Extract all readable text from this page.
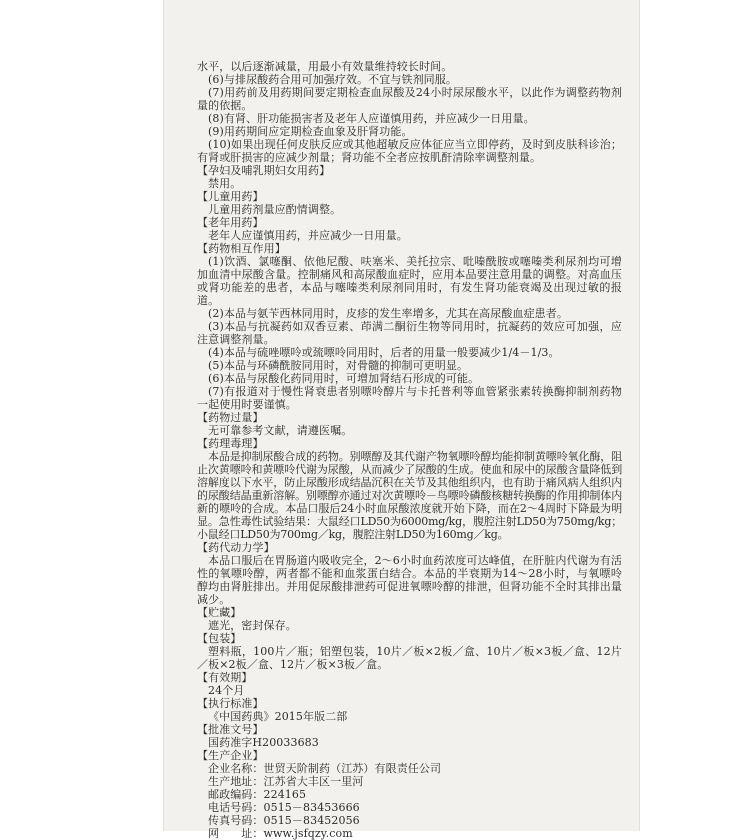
水平，以后逐渐减量，用最小有效量维持较长时间。

(6)与排尿酸药合用可加强疗效。不宜与铁剂同服。

(7)用药前及用药期间要定期检查血尿酸及24小时尿尿酸水平，以此作为调整药物剂量的依据。

(8)有肾、肝功能损害者及老年人应谨慎用药，并应减少一日用量。

(9)用药期间应定期检查血象及肝肾功能。

(10)如果出现任何皮肤反应或其他超敏反应体征应当立即停药，及时到皮肤科诊治；有肾或肝损害的应减少剂量；肾功能不全者应按肌酐清除率调整剂量。

【孕妇及哺乳期妇女用药】

禁用。

【儿童用药】

儿童用药剂量应酌情调整。

【老年用药】

老年人应谨慎用药，并应减少一日用量。

【药物相互作用】

(1)饮酒、氯噻酮、依他尼酸、呋塞米、美托拉宗、吡嗪酰胺或噻嗪类利尿剂均可增加血清中尿酸含量。控制痛风和高尿酸血症时，应用本品要注意用量的调整。对高血压或肾功能差的患者，本品与噻嗪类利尿剂同用时，有发生肾功能衰竭及出现过敏的报道。

(2)本品与氨苄西林同用时，皮疹的发生率增多，尤其在高尿酸血症患者。

(3)本品与抗凝药如双香豆素、茚满二酮衍生物等同用时，抗凝药的效应可加强，应注意调整剂量。

(4)本品与硫唑嘌呤或巯嘌呤同用时，后者的用量一般要减少1/4－1/3。

(5)本品与环磷酰胺同用时，对骨髓的抑制可更明显。

(6)本品与尿酸化药同用时，可增加肾结石形成的可能。

(7)有报道对于慢性肾衰患者别嘌呤醇片与卡托普利等血管紧张素转换酶抑制剂药物一起使用时要谨慎。

【药物过量】

无可靠参考文献，请遵医嘱。

【药理毒理】

本品是抑制尿酸合成的药物。别嘌醇及其代谢产物氧嘌呤醇均能抑制黄嘌呤氧化酶，阻止次黄嘌呤和黄嘌呤代谢为尿酸，从而减少了尿酸的生成。使血和尿中的尿酸含量降低到溶解度以下水平，防止尿酸形成结晶沉积在关节及其他组织内，也有助于痛风病人组织内的尿酸结晶重新溶解。别嘌醇亦通过对次黄嘌呤－鸟嘌呤磷酸核糖转换酶的作用抑制体内新的嘌呤的合成。本品口服后24小时血尿酸浓度就开始下降，而在2～4周时下降最为明显。急性毒性试验结果：大鼠经口LD50为6000mg/kg，腹腔注射LD50为750mg/kg；小鼠经口LD50为700mg／kg，腹腔注射LD50为160mg／kg。

【药代动力学】

本品口服后在胃肠道内吸收完全，2～6小时血药浓度可达峰值，在肝脏内代谢为有活性的氧嘌呤醇，两者都不能和血浆蛋白结合。本品的半衰期为14～28小时，与氧嘌呤醇均由肾脏排出。并用促尿酸排泄药可促进氧嘌呤醇的排泄，但肾功能不全时其排出量减少。

【贮藏】

遮光，密封保存。

【包装】

塑料瓶，100片／瓶；铝塑包装，10片／板×2板／盒、10片／板×3板／盒、12片／板×2板／盒、12片／板×3板／盒。

【有效期】

24个月

【执行标准】

《中国药典》2015年版二部

【批准文号】

国药准字H20033683

【生产企业】

企业名称：世贸天阶制药（江苏）有限责任公司

生产地址：江苏省大丰区一里河

邮政编码：224165

电话号码：0515－83453666

传真号码：0515－83452056

网　　址：www.jsfqzy.com
